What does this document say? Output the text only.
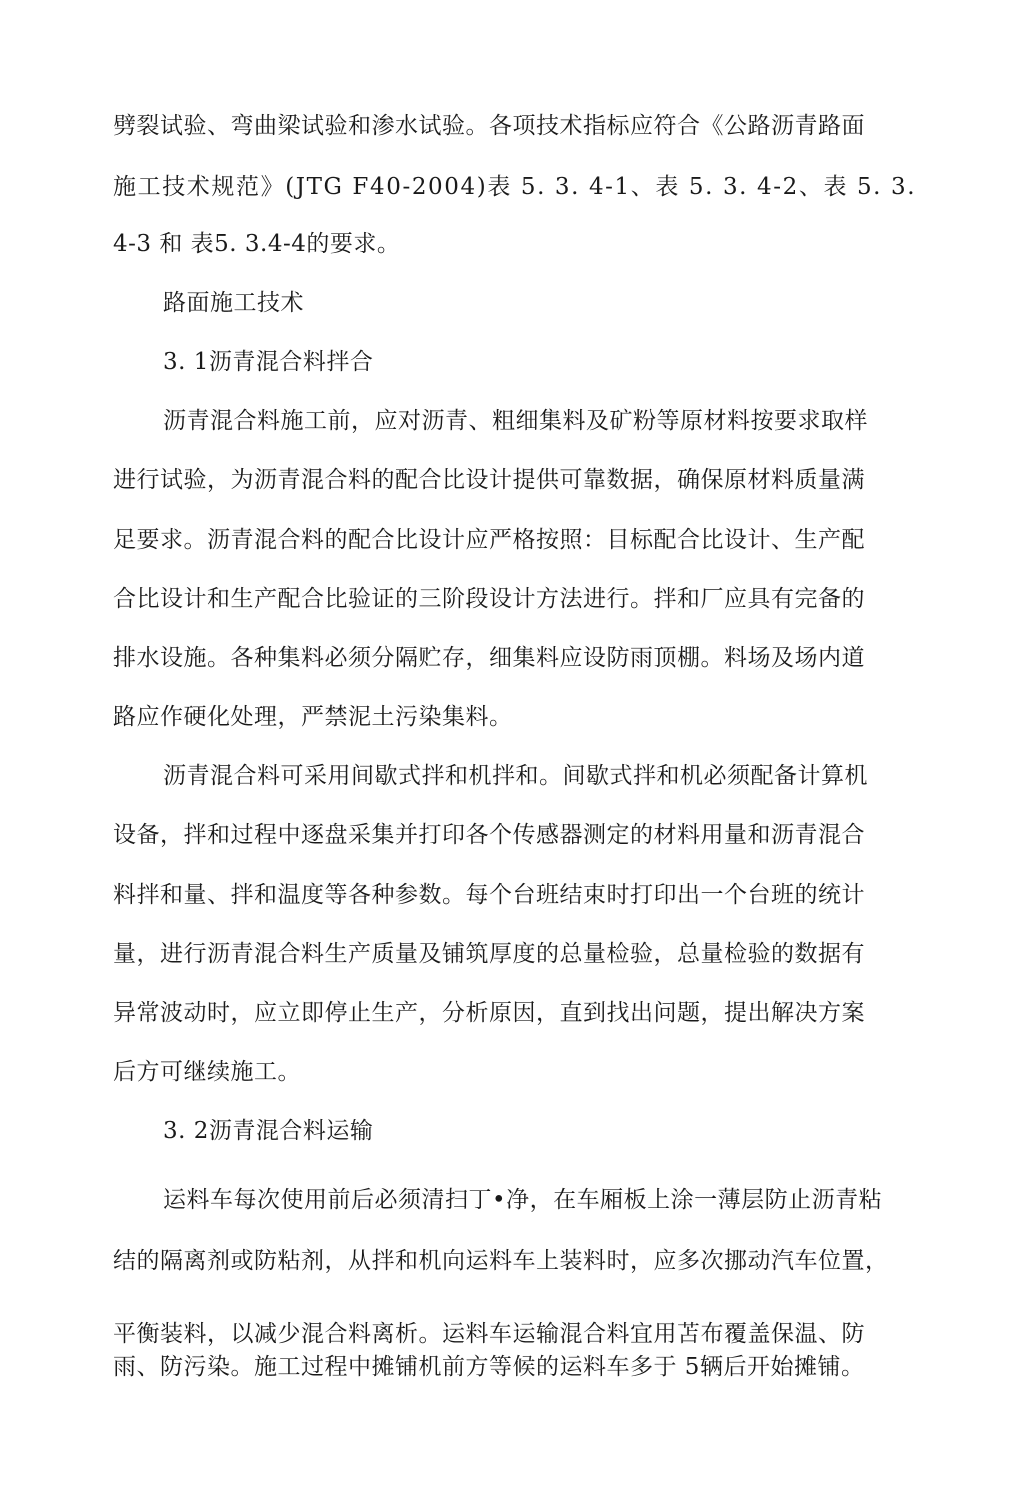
劈裂试验、弯曲梁试验和渗水试验。各项技术指标应符合《公路沥青路面
施工技术规范》(JTG F40-2004)表 5. 3. 4-1、表 5. 3. 4-2、表 5. 3.
4-3 和 表5. 3.4-4的要求。
路面施工技术
3. 1沥青混合料拌合
沥青混合料施工前，应对沥青、粗细集料及矿粉等原材料按要求取样
进行试验，为沥青混合料的配合比设计提供可靠数据，确保原材料质量满
足要求。沥青混合料的配合比设计应严格按照：目标配合比设计、生产配
合比设计和生产配合比验证的三阶段设计方法进行。拌和厂应具有完备的
排水设施。各种集料必须分隔贮存，细集料应设防雨顶棚。料场及场内道
路应作硬化处理，严禁泥土污染集料。
沥青混合料可采用间歇式拌和机拌和。间歇式拌和机必须配备计算机
设备，拌和过程中逐盘采集并打印各个传感器测定的材料用量和沥青混合
料拌和量、拌和温度等各种参数。每个台班结束时打印出一个台班的统计
量，进行沥青混合料生产质量及铺筑厚度的总量检验，总量检验的数据有
异常波动时，应立即停止生产，分析原因，直到找出问题，提出解决方案
后方可继续施工。
3. 2沥青混合料运输
运料车每次使用前后必须清扫丁•净，在车厢板上涂一薄层防止沥青粘
结的隔离剂或防粘剂，从拌和机向运料车上装料时，应多次挪动汽车位置，
平衡装料，以减少混合料离析。运料车运输混合料宜用苫布覆盖保温、防
雨、防污染。施工过程中摊铺机前方等候的运料车多于 5辆后开始摊铺。
